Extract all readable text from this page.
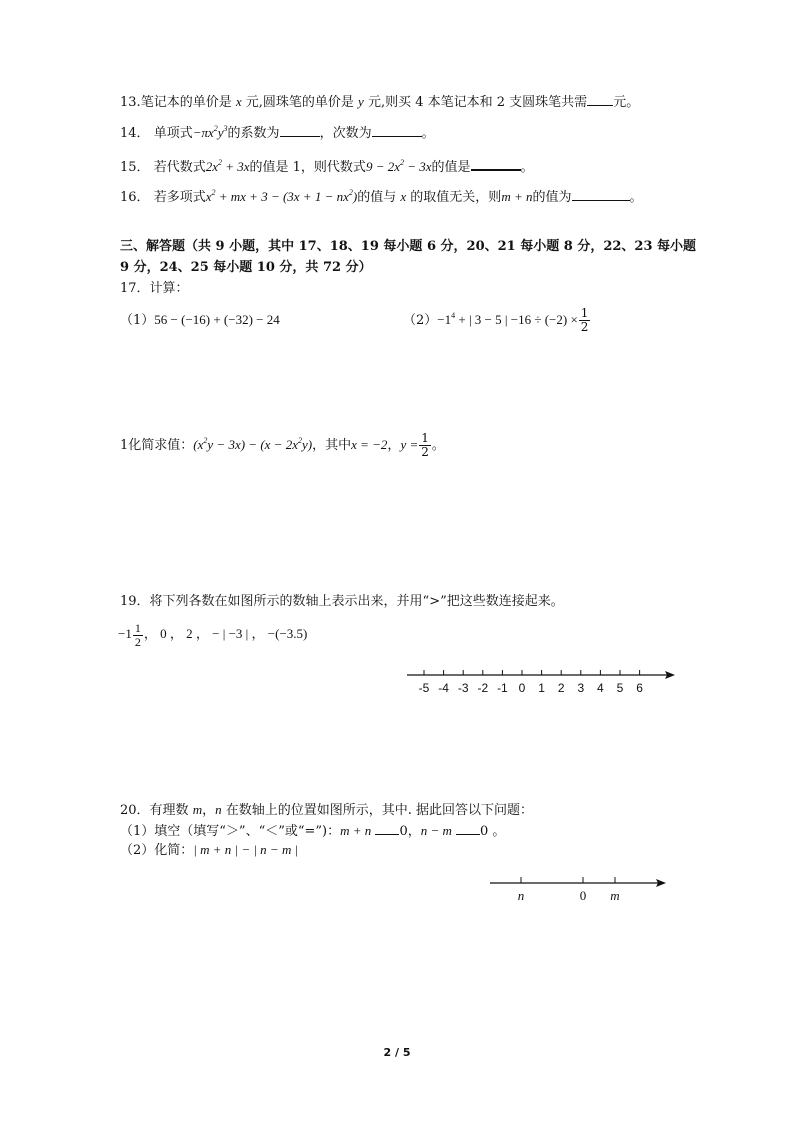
13.笔记本的单价是 x 元,圆珠笔的单价是 y 元,则买 4 本笔记本和 2 支圆珠笔共需 元。
14． 单项式$-\pi x^2y^3$的系数为	，次数为	。
15． 若代数式$2x^2 + 3x$的值是 1，则代数式$9 - 2x^2 - 3x$的值是	。
16． 若多项式$x^2$ + mx + $3 - (3x + 1 - nx^2)$的值与 x 的取值无关，则m + n的值为	。
三、解答题（共 9 小题，其中 17、18、19 每小题 6 分，20、21 每小题 8 分，22、23 每小题
9 分，24、25 每小题 10 分，共 72 分）
17．计算：
（1）56 − (−16) + (−32) − 24	$(2)-1^4$ + | 3 − 5 | $-16 \div (-2) \times \frac{1}{2}$
1化简求值：$(x^2y - 3x) - (x - 2x^2y)$，其中x = −2，$y = \frac{1}{2}$ 。
19．将下列各数在如图所示的数轴上表示出来，并用“>”把这些数连接起来。
$-1 \frac{1}{2}$ ， 0 ， 2 ， − | −3 | ， −(−3.5)
-5 -4 -3 -2 -1 0 1 2 3 4 5 6
20．有理数 m，n 在数轴上的位置如图所示，其中. 据此回答以下问题：
（1）填空（填写“＞”、“＜”或“=”)：m + n 0，n − m 0 。
（2）化简：| m + n | − | n − m |
n	0 m
2 / 5
